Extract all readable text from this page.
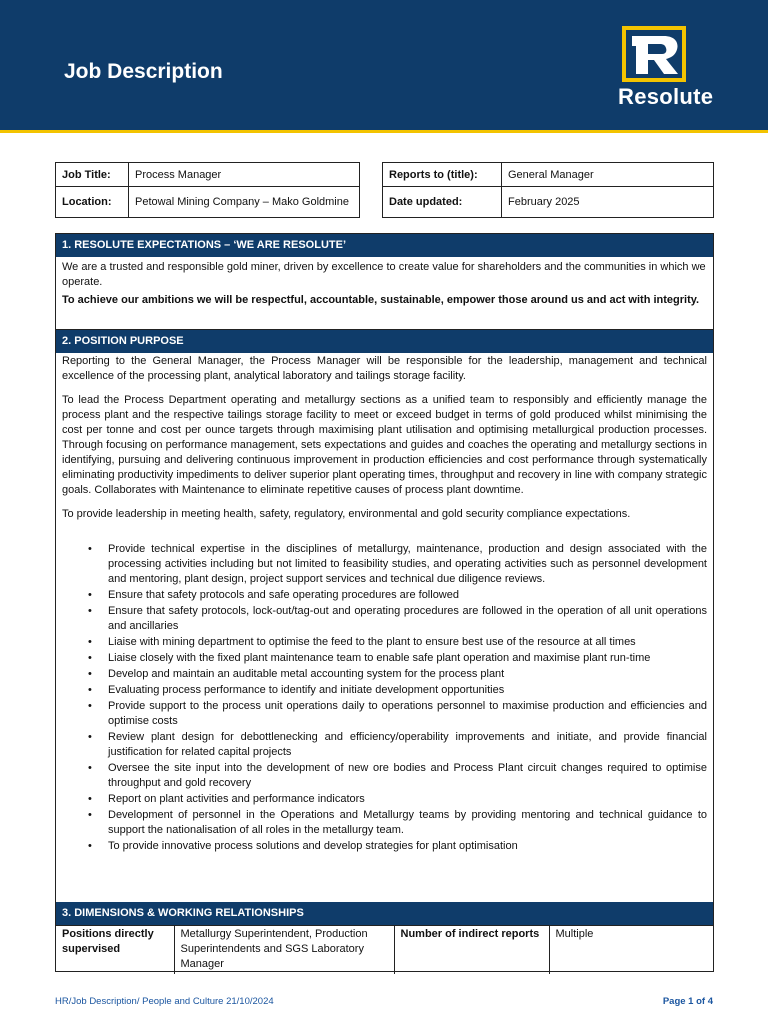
Job Description
Resolute
Job Title:	Process Manager
Location:	Petowal Mining Company – Mako Goldmine
Reports to (title):	General Manager
Date updated:	February 2025
1. RESOLUTE EXPECTATIONS – ‘WE ARE RESOLUTE’

We are a trusted and responsible gold miner, driven by excellence to create value for shareholders and the communities in which we operate.

To achieve our ambitions we will be respectful, accountable, sustainable, empower those around us and act with integrity.

2. POSITION PURPOSE

Reporting to the General Manager, the Process Manager will be responsible for the leadership, management and technical excellence of the processing plant, analytical laboratory and tailings storage facility.

To lead the Process Department operating and metallurgy sections as a unified team to responsibly and efficiently manage the process plant and the respective tailings storage facility to meet or exceed budget in terms of gold produced whilst minimising the cost per tonne and cost per ounce targets through maximising plant utilisation and optimising metallurgical production processes. Through focusing on performance management, sets expectations and guides and coaches the operating and metallurgy sections in identifying, pursuing and delivering continuous improvement in production efficiencies and cost performance through systematically eliminating productivity impediments to deliver superior plant operating times, throughput and recovery in line with company strategic goals. Collaborates with Maintenance to eliminate repetitive causes of process plant downtime.

To provide leadership in meeting health, safety, regulatory, environmental and gold security compliance expectations.

• Provide technical expertise in the disciplines of metallurgy, maintenance, production and design associated with the processing activities including but not limited to feasibility studies, and operating activities such as personnel development and mentoring, plant design, project support services and technical due diligence reviews.
• Ensure that safety protocols and safe operating procedures are followed
• Ensure that safety protocols, lock-out/tag-out and operating procedures are followed in the operation of all unit operations and ancillaries
• Liaise with mining department to optimise the feed to the plant to ensure best use of the resource at all times
• Liaise closely with the fixed plant maintenance team to enable safe plant operation and maximise plant run-time
• Develop and maintain an auditable metal accounting system for the process plant
• Evaluating process performance to identify and initiate development opportunities
• Provide support to the process unit operations daily to operations personnel to maximise production and efficiencies and optimise costs
• Review plant design for debottlenecking and efficiency/operability improvements and initiate, and provide financial justification for related capital projects
• Oversee the site input into the development of new ore bodies and Process Plant circuit changes required to optimise throughput and gold recovery
• Report on plant activities and performance indicators
• Development of personnel in the Operations and Metallurgy teams by providing mentoring and technical guidance to support the nationalisation of all roles in the metallurgy team.
• To provide innovative process solutions and develop strategies for plant optimisation
3. DIMENSIONS & WORKING RELATIONSHIPS
Positions directly supervised	Metallurgy Superintendent, Production Superintendents and SGS Laboratory Manager	Number of indirect reports	Multiple
HR/Job Description/ People and Culture 21/10/2024	Page 1 of 4
